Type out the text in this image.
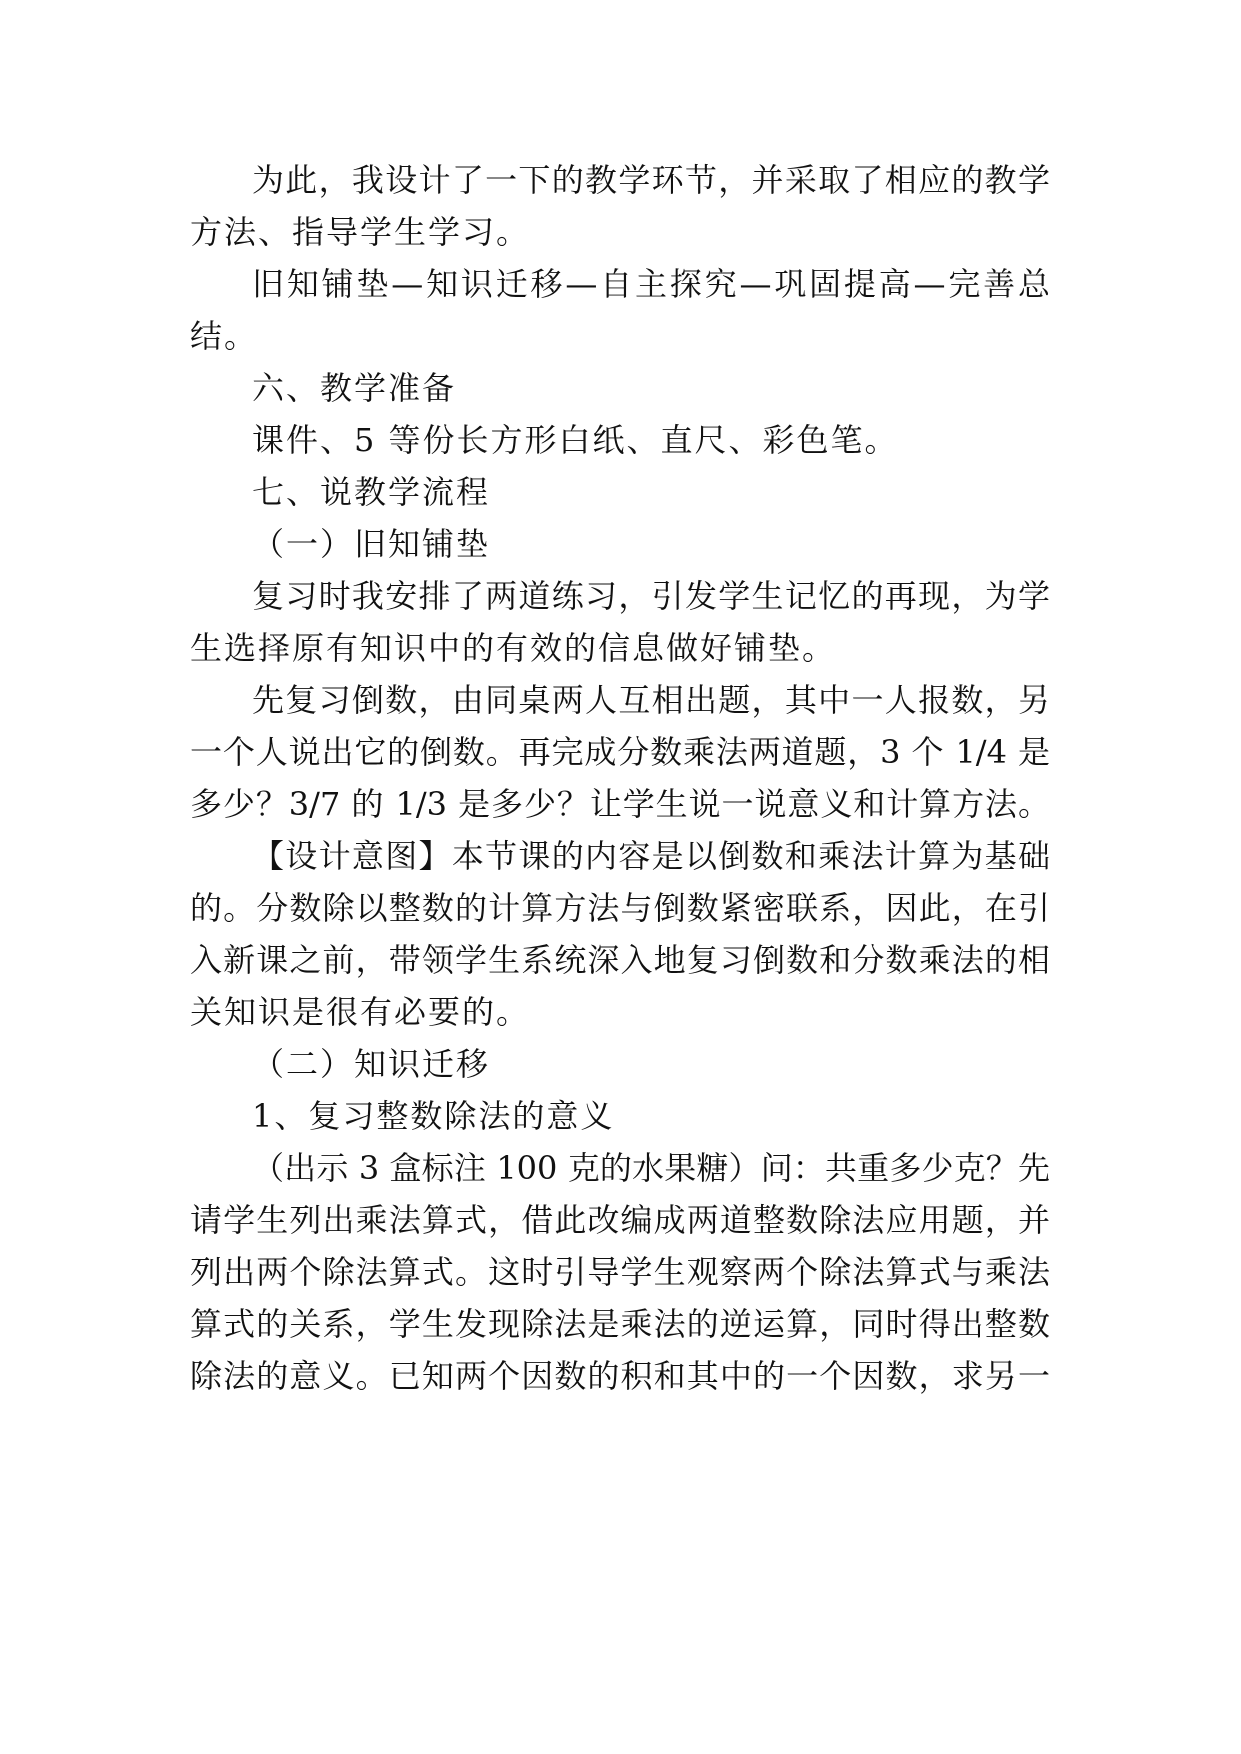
为此，我设计了一下的教学环节，并采取了相应的教学
方法、指导学生学习。
旧知铺垫—知识迁移—自主探究—巩固提高—完善总
结。
六、教学准备
课件、5 等份长方形白纸、直尺、彩色笔。
七、说教学流程
（一）旧知铺垫
复习时我安排了两道练习，引发学生记忆的再现，为学
生选择原有知识中的有效的信息做好铺垫。
先复习倒数，由同桌两人互相出题，其中一人报数，另
一个人说出它的倒数。再完成分数乘法两道题，3 个 1/4 是
多少？3/7 的 1/3 是多少？让学生说一说意义和计算方法。
【设计意图】本节课的内容是以倒数和乘法计算为基础
的。分数除以整数的计算方法与倒数紧密联系，因此，在引
入新课之前，带领学生系统深入地复习倒数和分数乘法的相
关知识是很有必要的。
（二）知识迁移
1、复习整数除法的意义
（出示 3 盒标注 100 克的水果糖）问：共重多少克？先
请学生列出乘法算式，借此改编成两道整数除法应用题，并
列出两个除法算式。这时引导学生观察两个除法算式与乘法
算式的关系，学生发现除法是乘法的逆运算，同时得出整数
除法的意义。已知两个因数的积和其中的一个因数，求另一
